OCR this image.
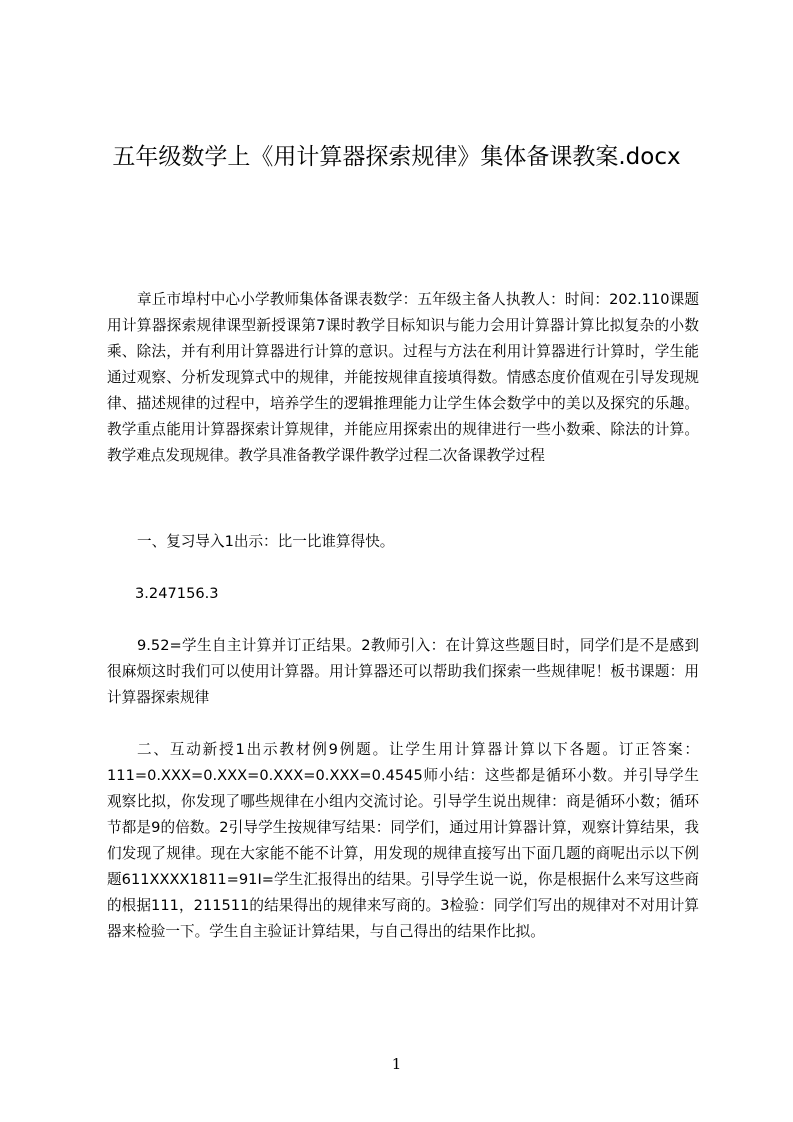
五年级数学上《用计算器探索规律》集体备课教案.docx

章丘市埠村中心小学教师集体备课表数学：五年级主备人执教人：时间：202.110课题用计算器探索规律课型新授课第7课时教学目标知识与能力会用计算器计算比拟复杂的小数乘、除法，并有利用计算器进行计算的意识。过程与方法在利用计算器进行计算时，学生能通过观察、分析发现算式中的规律，并能按规律直接填得数。情感态度价值观在引导发现规律、描述规律的过程中，培养学生的逻辑推理能力让学生体会数学中的美以及探究的乐趣。教学重点能用计算器探索计算规律，并能应用探索出的规律进行一些小数乘、除法的计算。教学难点发现规律。教学具准备教学课件教学过程二次备课教学过程

一、复习导入1出示：比一比谁算得快。

3.247156.3

9.52=学生自主计算并订正结果。2教师引入：在计算这些题目时，同学们是不是感到很麻烦这时我们可以使用计算器。用计算器还可以帮助我们探索一些规律呢！板书课题：用计算器探索规律

二、互动新授1出示教材例9例题。让学生用计算器计算以下各题。订正答案：111=0.XXX=0.XXX=0.XXX=0.XXX=0.4545师小结：这些都是循环小数。并引导学生观察比拟，你发现了哪些规律在小组内交流讨论。引导学生说出规律：商是循环小数；循环节都是9的倍数。2引导学生按规律写结果：同学们，通过用计算器计算，观察计算结果，我们发现了规律。现在大家能不能不计算，用发现的规律直接写出下面几题的商呢出示以下例题611XXXX1811=91I=学生汇报得出的结果。引导学生说一说，你是根据什么来写这些商的根据111，211511的结果得出的规律来写商的。3检验：同学们写出的规律对不对用计算器来检验一下。学生自主验证计算结果，与自己得出的结果作比拟。

1
